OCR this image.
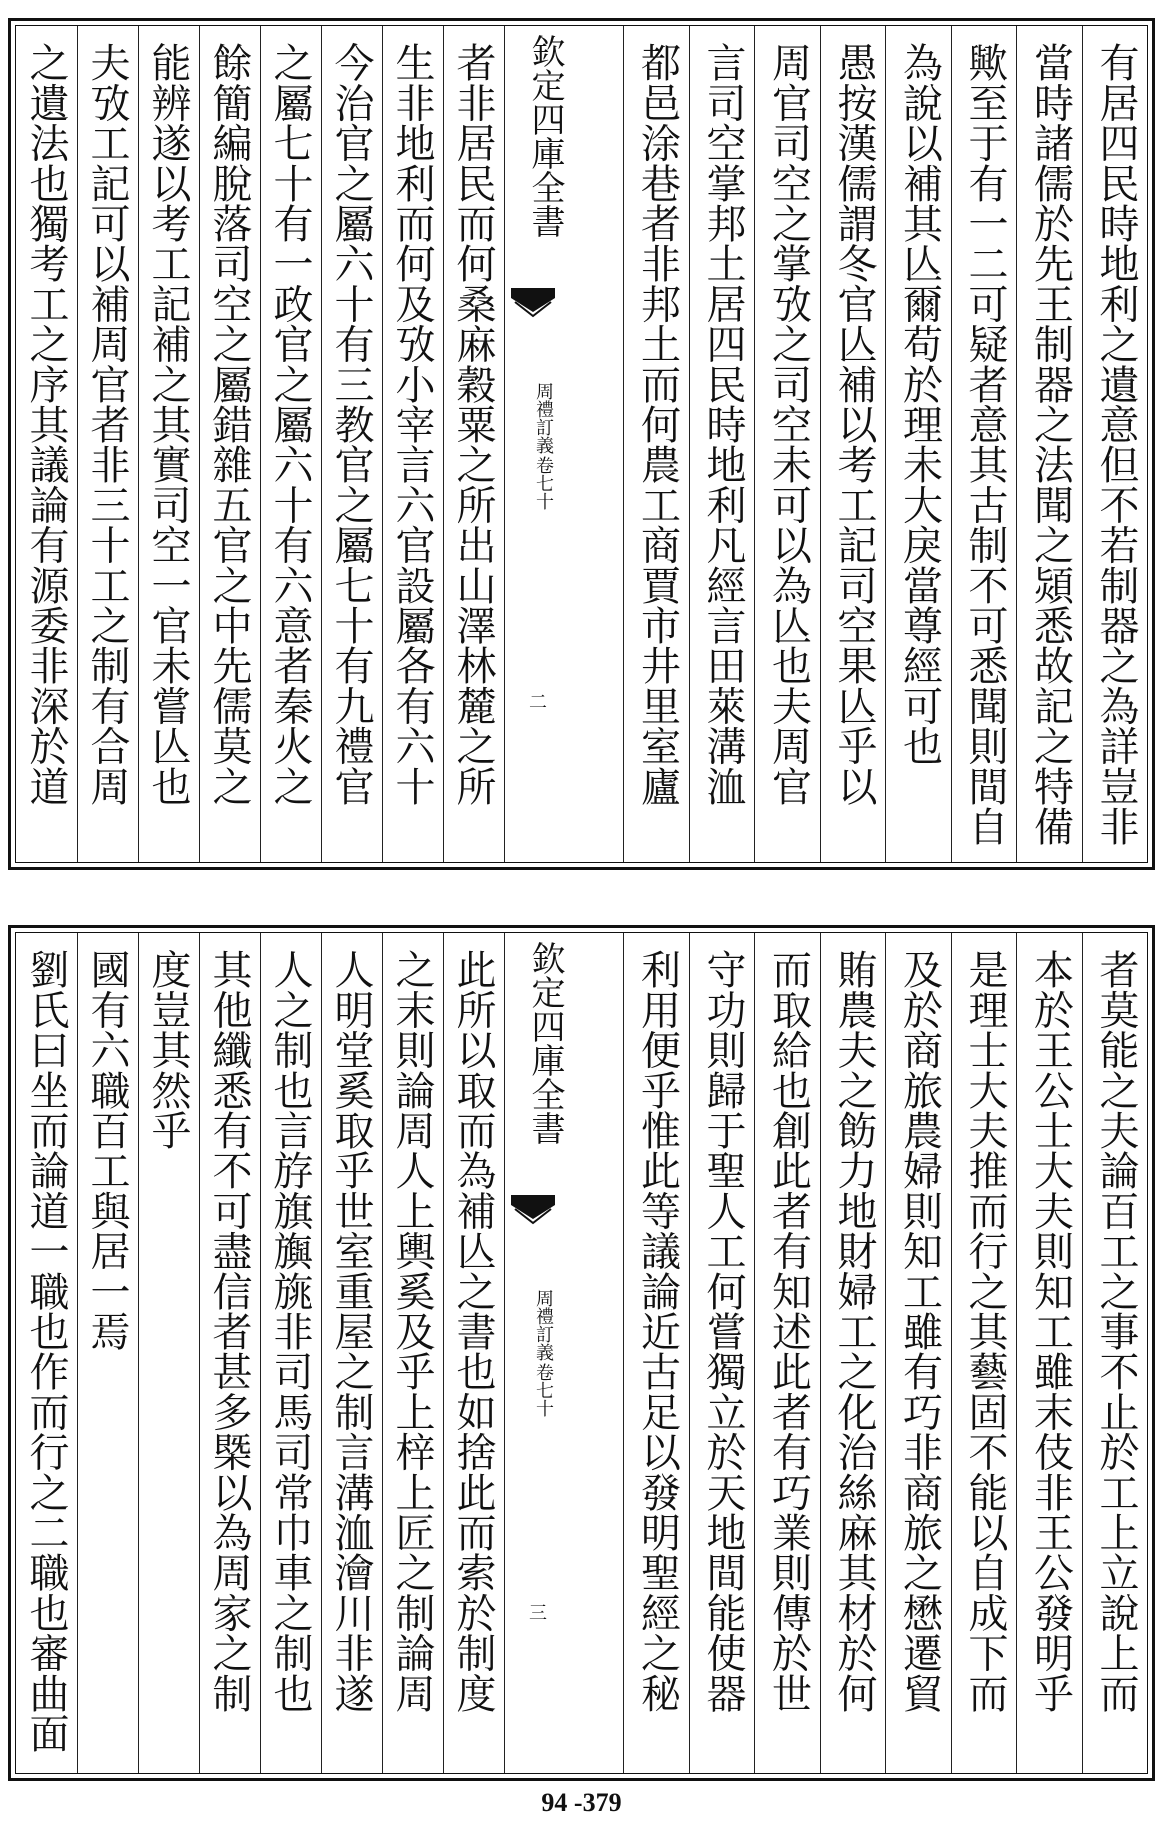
有居四民時地利之遺意但不若制器之為詳豈非
當時諸儒於先王制器之法聞之熲悉故記之特備
歟至于有一二可疑者意其古制不可悉聞則間自
為說以補其亾爾苟於理未大戾當尊經可也
愚按漢儒謂冬官亾補以考工記司空果亾乎以
周官司空之掌攷之司空未可以為亾也夫周官
言司空掌邦土居四民時地利凡經言田萊溝洫
都邑涂巷者非邦土而何農工商賈市井里室廬
欽定四庫全書
周禮訂義
卷七十
二
者非居民而何桑麻穀粟之所出山澤林麓之所
生非地利而何及攷小宰言六官設屬各有六十
今治官之屬六十有三教官之屬七十有九禮官
之屬七十有一政官之屬六十有六意者秦火之
餘簡編脫落司空之屬錯雜五官之中先儒莫之
能辨遂以考工記補之其實司空一官未嘗亾也
夫攷工記可以補周官者非三十工之制有合周
之遺法也獨考工之序其議論有源委非深於道
者莫能之夫論百工之事不止於工上立說上而
本於王公士大夫則知工雖末伎非王公發明乎
是理士大夫推而行之其藝固不能以自成下而
及於商旅農婦則知工雖有巧非商旅之懋遷貿
賄農夫之飭力地財婦工之化治絲麻其材於何
而取給也創此者有知述此者有巧業則傳於世
守功則歸于聖人工何嘗獨立於天地間能使器
利用便乎惟此等議論近古足以發明聖經之秘
欽定四庫全書
周禮訂義
卷七十
三
此所以取而為補亾之書也如捨此而索於制度
之末則論周人上輿奚及乎上梓上匠之制論周
人明堂奚取乎世室重屋之制言溝洫澮川非遂
人之制也言斿旗旟旐非司馬司常巾車之制也
其他纖悉有不可盡信者甚多槩以為周家之制
度豈其然乎
國有六職百工與居一焉
劉氏曰坐而論道一職也作而行之二職也審曲面
94 -379
